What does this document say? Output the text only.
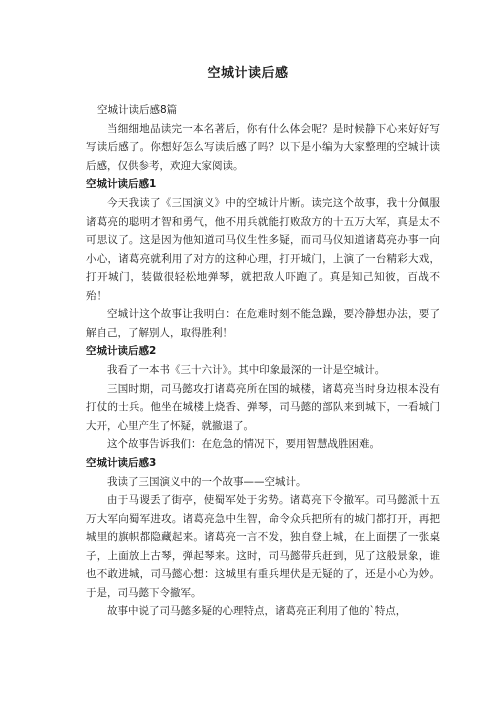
空城计读后感

空城计读后感8篇

当细细地品读完一本名著后，你有什么体会呢？是时候静下心来好好写写读后感了。你想好怎么写读后感了吗？以下是小编为大家整理的空城计读后感，仅供参考，欢迎大家阅读。

空城计读后感1

今天我读了《三国演义》中的空城计片断。读完这个故事，我十分佩服诸葛亮的聪明才智和勇气，他不用兵就能打败敌方的十五万大军，真是太不可思议了。这是因为他知道司马仪生性多疑，而司马仪知道诸葛亮办事一向小心，诸葛亮就利用了对方的这种心理，打开城门，上演了一台精彩大戏，打开城门，装做很轻松地弹琴，就把敌人吓跑了。真是知己知彼，百战不殆！

空城计这个故事让我明白：在危难时刻不能急躁，要冷静想办法，要了解自己，了解别人，取得胜利！

空城计读后感2

我看了一本书《三十六计》。其中印象最深的一计是空城计。

三国时期，司马懿攻打诸葛亮所在国的城楼，诸葛亮当时身边根本没有打仗的士兵。他坐在城楼上烧香、弹琴，司马懿的部队来到城下，一看城门大开，心里产生了怀疑，就撤退了。

这个故事告诉我们：在危急的情况下，要用智慧战胜困难。

空城计读后感3

我读了三国演义中的一个故事——空城计。

由于马谡丢了街亭，使蜀军处于劣势。诸葛亮下令撤军。司马懿派十五万大军向蜀军进攻。诸葛亮急中生智，命令众兵把所有的城门都打开，再把城里的旗帜都隐藏起来。诸葛亮一言不发，独自登上城，在上面摆了一张桌子，上面放上古琴，弹起琴来。这时，司马懿带兵赶到，见了这般景象，谁也不敢进城，司马懿心想：这城里有重兵埋伏是无疑的了，还是小心为妙。于是，司马懿下令撤军。

故事中说了司马懿多疑的心理特点，诸葛亮正利用了他的`特点，
